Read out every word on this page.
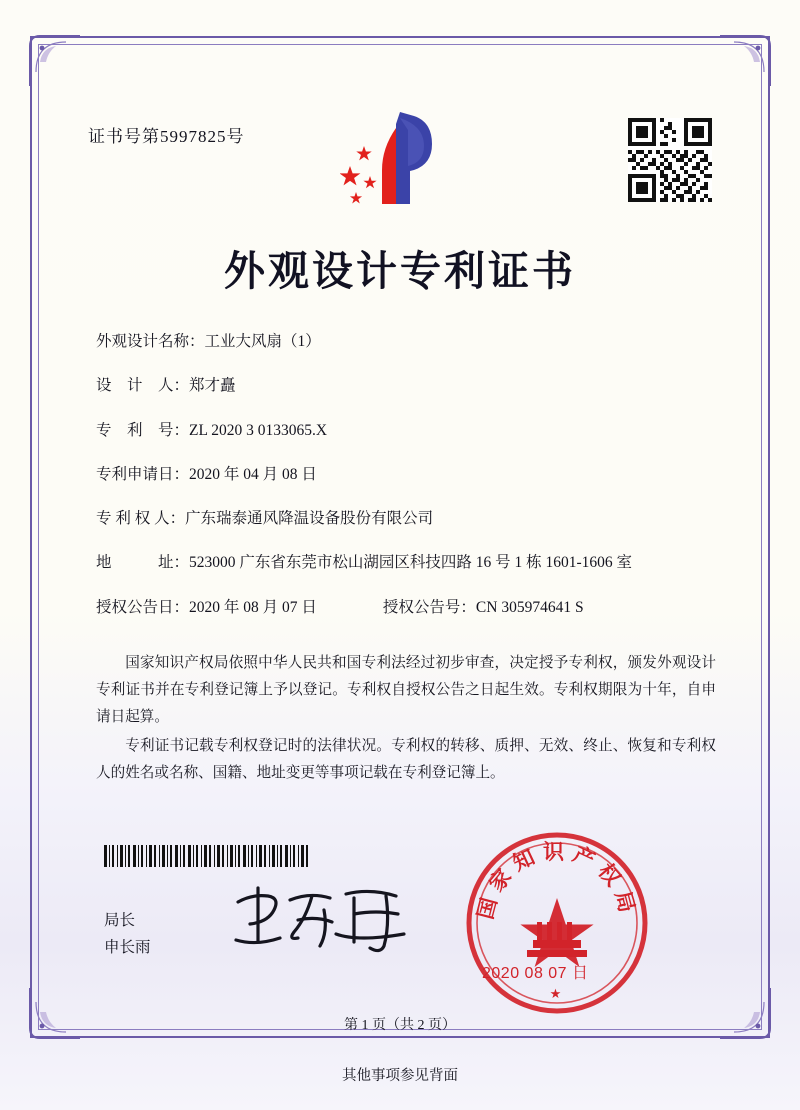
证书号第5997825号
外观设计专利证书
外观设计名称： 工业大风扇（1）
设　计　人： 郑才矗
专　利　号： ZL 2020 3 0133065.X
专利申请日： 2020 年 04 月 08 日
专 利 权 人： 广东瑞泰通风降温设备股份有限公司
地　　　址： 523000 广东省东莞市松山湖园区科技四路 16 号 1 栋 1601-1606 室
授权公告日： 2020 年 08 月 07 日	授权公告号： CN 305974641 S

国家知识产权局依照中华人民共和国专利法经过初步审查，决定授予专利权，颁发外观设计专利证书并在专利登记簿上予以登记。专利权自授权公告之日起生效。专利权期限为十年，自申请日起算。

专利证书记载专利权登记时的法律状况。专利权的转移、质押、无效、终止、恢复和专利权人的姓名或名称、国籍、地址变更等事项记载在专利登记簿上。

局长
申长雨
国家知识产权局
★
2020 08 07 日
第 1 页（共 2 页）
其他事项参见背面
